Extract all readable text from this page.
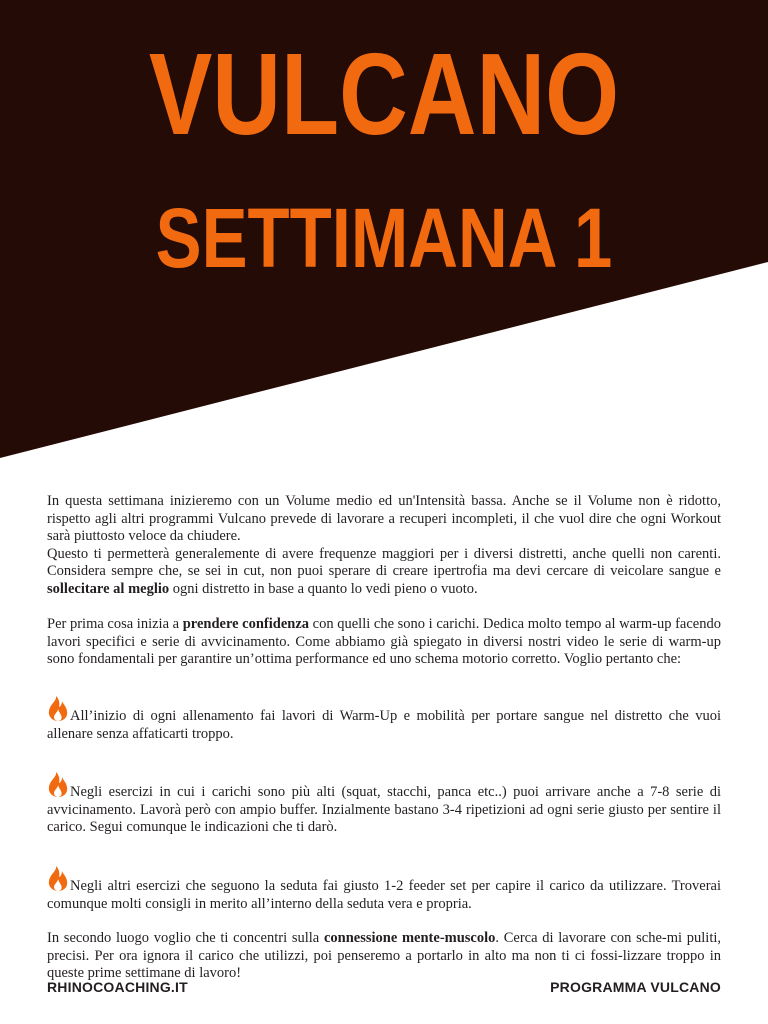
VULCANO
SETTIMANA 1

In questa settimana inizieremo con un Volume medio ed un'Intensità bassa. Anche se il Volume non è ridotto, rispetto agli altri programmi Vulcano prevede di lavorare a recuperi incompleti, il che vuol dire che ogni Workout sarà piuttosto veloce da chiudere.

Questo ti permetterà generalemente di avere frequenze maggiori per i diversi distretti, anche quelli non carenti. Considera sempre che, se sei in cut, non puoi sperare di creare ipertrofia ma devi cercare di veicolare sangue e sollecitare al meglio ogni distretto in base a quanto lo vedi pieno o vuoto.

Per prima cosa inizia a prendere confidenza con quelli che sono i carichi. Dedica molto tempo al warm-up facendo lavori specifici e serie di avvicinamento. Come abbiamo già spiegato in diversi nostri video le serie di warm-up sono fondamentali per garantire un’ottima performance ed uno schema motorio corretto. Voglio pertanto che:

All’inizio di ogni allenamento fai lavori di Warm-Up e mobilità per portare sangue nel distretto che vuoi allenare senza affaticarti troppo.

Negli esercizi in cui i carichi sono più alti (squat, stacchi, panca etc..) puoi arrivare anche a 7-8 serie di avvicinamento. Lavorà però con ampio buffer. Inzialmente bastano 3-4 ripetizioni ad ogni serie giusto per sentire il carico. Segui comunque le indicazioni che ti darò.

Negli altri esercizi che seguono la seduta fai giusto 1-2 feeder set per capire il carico da utilizzare. Troverai comunque molti consigli in merito all’interno della seduta vera e propria.

In secondo luogo voglio che ti concentri sulla connessione mente-muscolo. Cerca di lavorare con sche-mi puliti, precisi. Per ora ignora il carico che utilizzi, poi penseremo a portarlo in alto ma non ti ci fossi-lizzare troppo in queste prime settimane di lavoro!

RHINOCOACHING.IT	PROGRAMMA VULCANO
